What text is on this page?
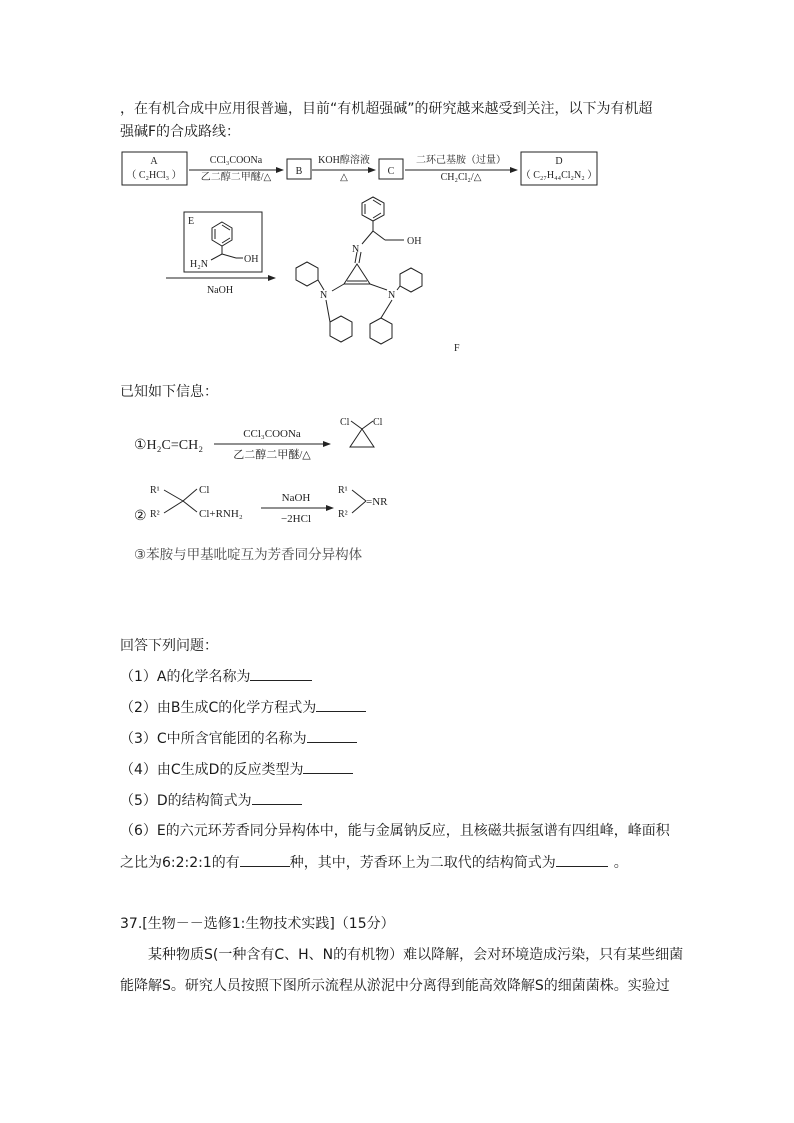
，在有机合成中应用很普遍，目前“有机超强碱”的研究越来越受到关注，以下为有机超
强碱F的合成路线：
A
（ C₂HCl₃ ）
CCl₃COONa
乙二醇二甲醚/△
B
KOH醇溶液
△
C
二环己基胺（过量）
CH₂Cl₂/△
D
（ C₂₇H₄₄Cl₂N₂ ）
E
H₂N	OH
NaOH
OH
N
N	N
F
已知如下信息：
①H₂C=CH₂
CCl₃COONa
乙二醇二甲醚/△
Cl Cl
②
R¹
R²
Cl
Cl+RNH₂
NaOH
−2HCl
R¹
R²
=NR
③苯胺与甲基吡啶互为芳香同分异构体
回答下列问题：
（1）A的化学名称为
（2）由B生成C的化学方程式为
（3）C中所含官能团的名称为
（4）由C生成D的反应类型为
（5）D的结构简式为
（6）E的六元环芳香同分异构体中，能与金属钠反应，且核磁共振氢谱有四组峰，峰面积
之比为6:2:2:1的有	种，其中，芳香环上为二取代的结构简式为	。
37.[生物－－选修1:生物技术实践]（15分）
某种物质S(一种含有C、H、N的有机物）难以降解，会对环境造成污染，只有某些细菌
能降解S。研究人员按照下图所示流程从淤泥中分离得到能高效降解S的细菌菌株。实验过
